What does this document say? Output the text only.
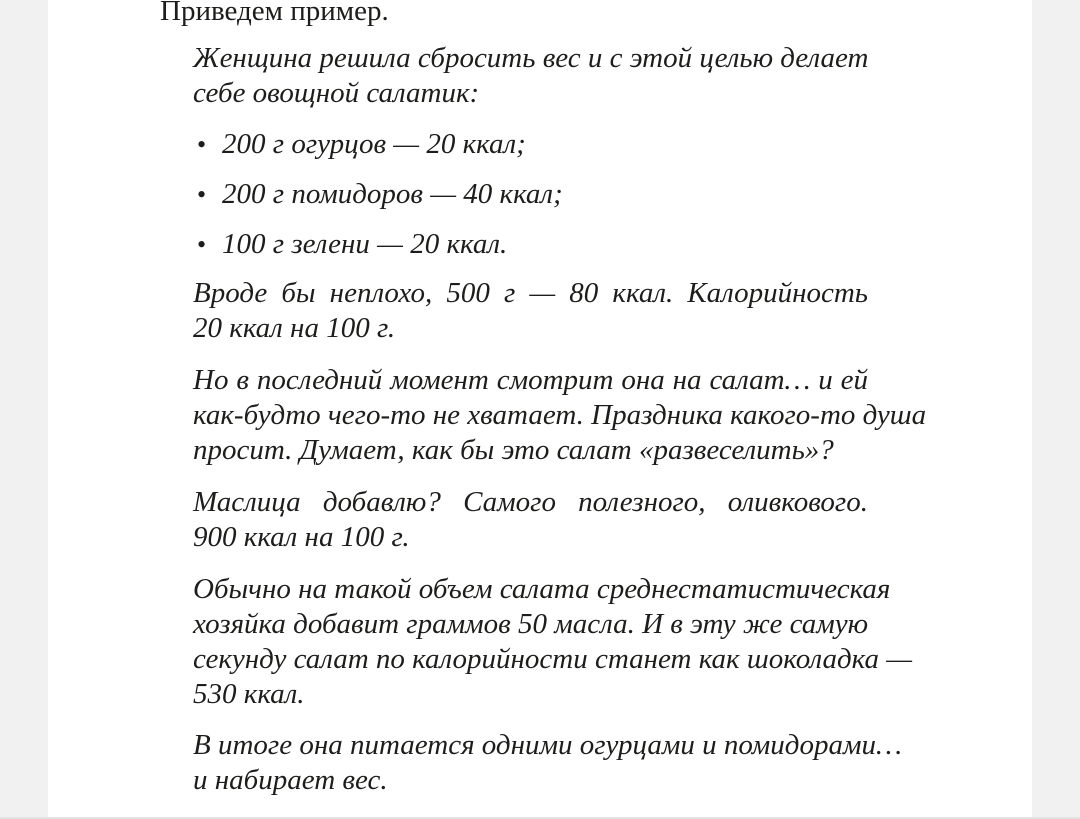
Приведем пример.

Женщина решила сбросить вес и с этой целью делает
себе овощной салатик:
• 200 г огурцов — 20 ккал;
• 200 г помидоров — 40 ккал;
• 100 г зелени — 20 ккал.
Вроде бы неплохо, 500 г — 80 ккал. Калорийность
20 ккал на 100 г.
Но в последний момент смотрит она на салат… и ей
как-будто чего-то не хватает. Праздника какого-то душа
просит. Думает, как бы это салат «развеселить»?
Маслица добавлю? Самого полезного, оливкового.
900 ккал на 100 г.
Обычно на такой объем салата среднестатистическая
хозяйка добавит граммов 50 масла. И в эту же самую
секунду салат по калорийности станет как шоколадка —
530 ккал.
В итоге она питается одними огурцами и помидорами…
и набирает вес.
